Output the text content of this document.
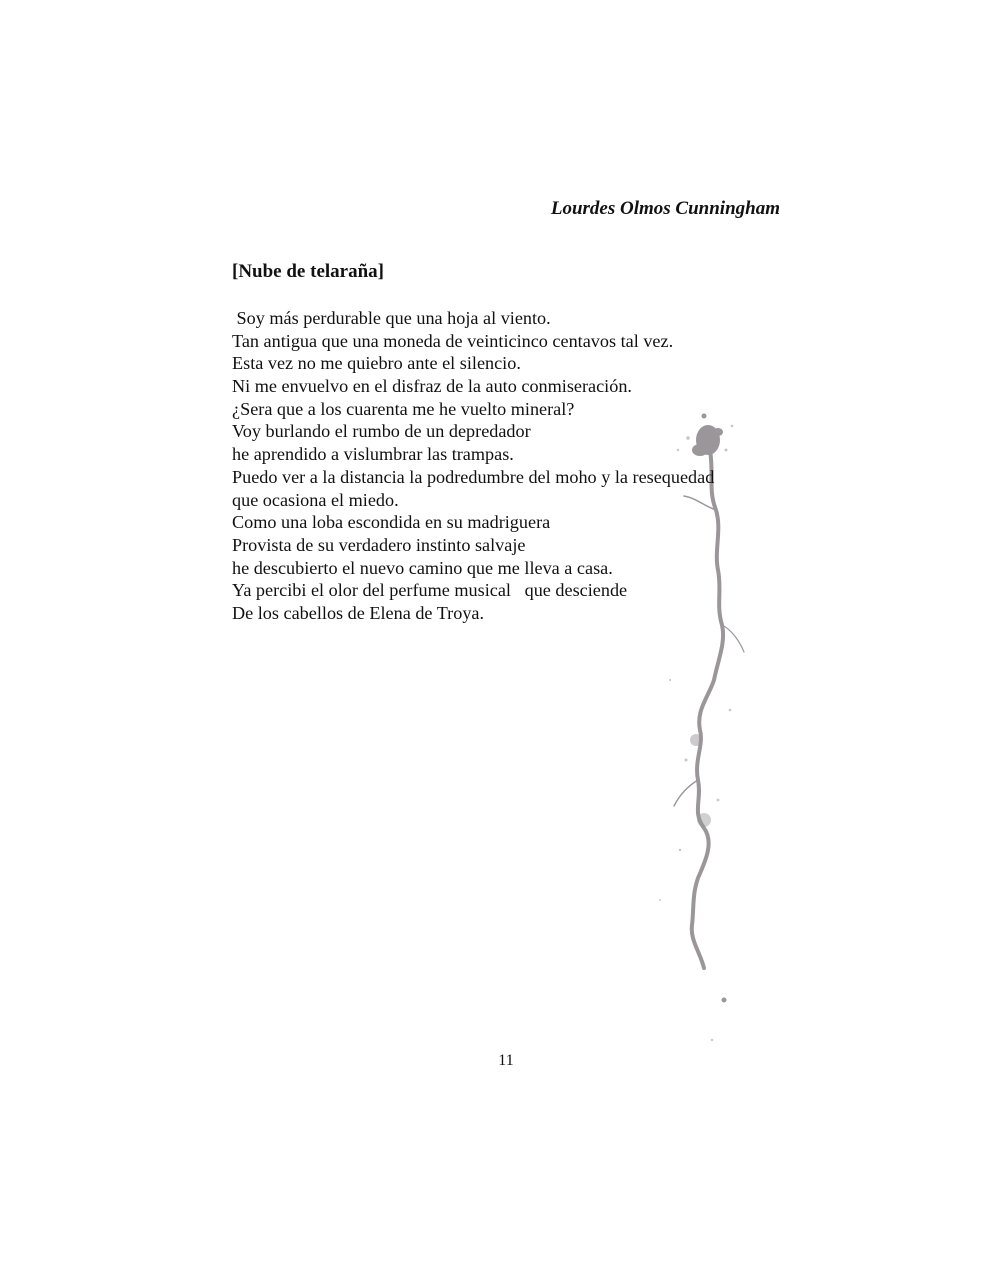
Lourdes Olmos Cunningham
[Nube de telaraña]
Soy más perdurable que una hoja al viento.
Tan antigua que una moneda de veinticinco centavos tal vez.
Esta vez no me quiebro ante el silencio.
Ni me envuelvo en el disfraz de la auto conmiseración.
¿Sera que a los cuarenta me he vuelto mineral?
Voy burlando el rumbo de un depredador
he aprendido a vislumbrar las trampas.
Puedo ver a la distancia la podredumbre del moho y la resequedad
que ocasiona el miedo.
Como una loba escondida en su madriguera
Provista de su verdadero instinto salvaje
he descubierto el nuevo camino que me lleva a casa.
Ya percibi el olor del perfume musical   que desciende
De los cabellos de Elena de Troya.
11
